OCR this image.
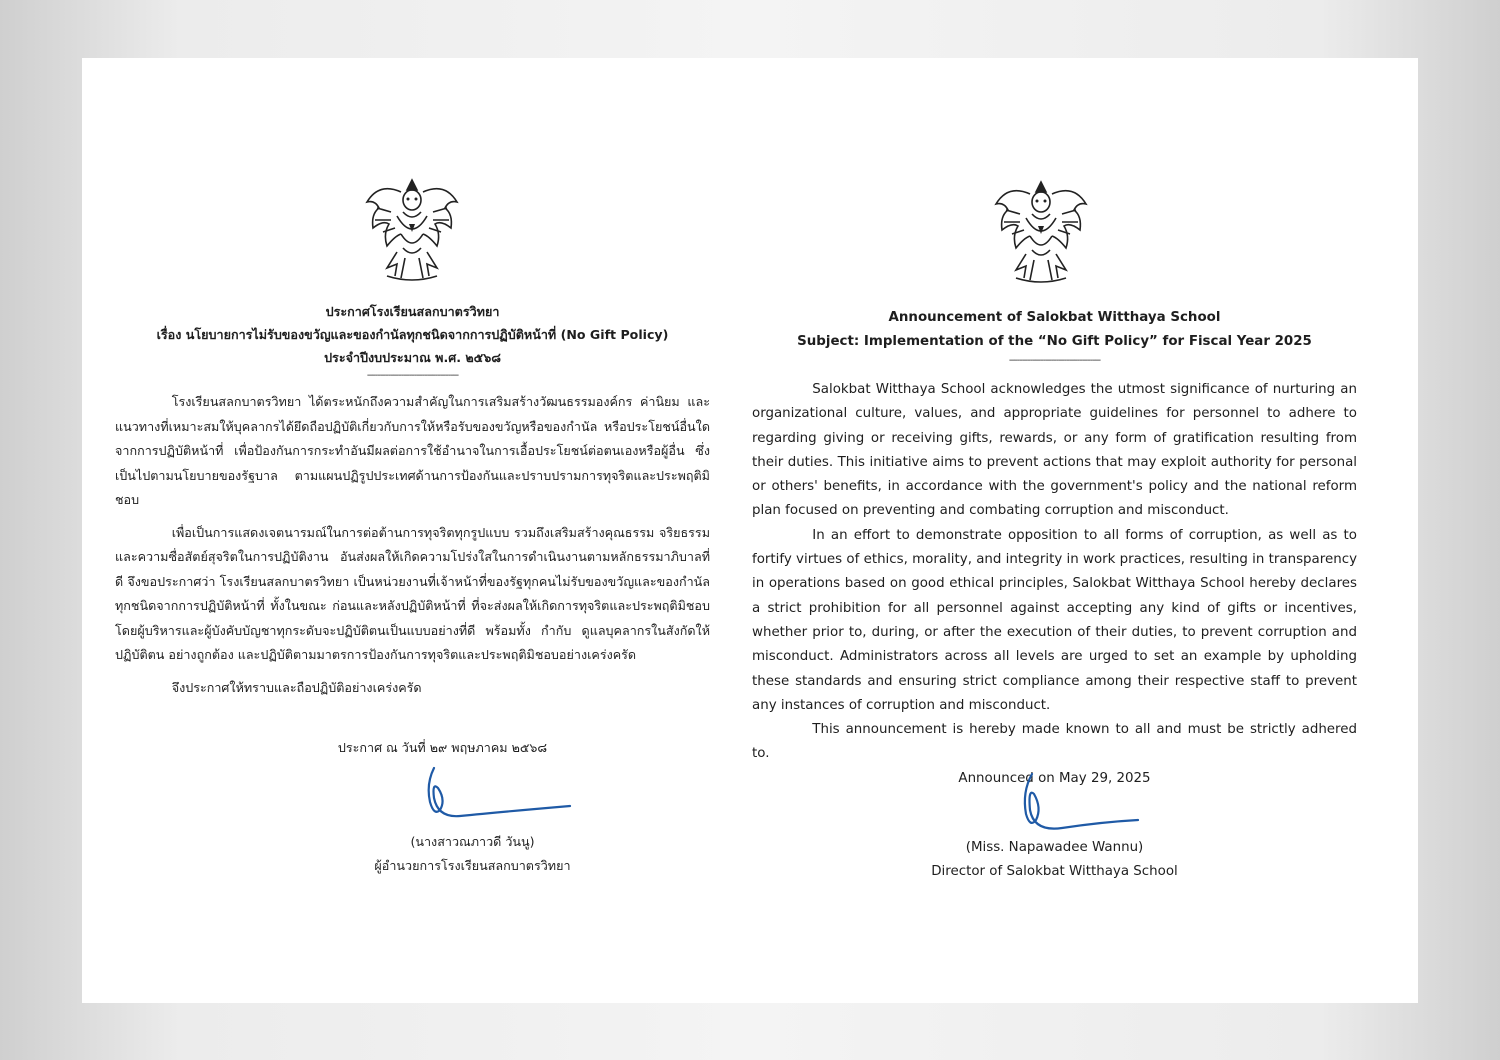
ประกาศโรงเรียนสลกบาตรวิทยา

เรื่อง นโยบายการไม่รับของขวัญและของกำนัลทุกชนิดจากการปฏิบัติหน้าที่ (No Gift Policy)

ประจำปีงบประมาณ พ.ศ. ๒๕๖๘

-----------------------------------

โรงเรียนสลกบาตรวิทยา ได้ตระหนักถึงความสำคัญในการเสริมสร้างวัฒนธรรมองค์กร ค่านิยม และแนวทางที่เหมาะสมให้บุคลากรได้ยึดถือปฏิบัติเกี่ยวกับการให้หรือรับของขวัญหรือของกำนัล หรือประโยชน์อื่นใดจากการปฏิบัติหน้าที่ เพื่อป้องกันการกระทำอันมีผลต่อการใช้อำนาจในการเอื้อประโยชน์ต่อตนเองหรือผู้อื่น ซึ่งเป็นไปตามนโยบายของรัฐบาล ตามแผนปฏิรูปประเทศด้านการป้องกันและปราบปรามการทุจริตและประพฤติมิชอบ

เพื่อเป็นการแสดงเจตนารมณ์ในการต่อต้านการทุจริตทุกรูปแบบ รวมถึงเสริมสร้างคุณธรรม จริยธรรม และความซื่อสัตย์สุจริตในการปฏิบัติงาน อันส่งผลให้เกิดความโปร่งใสในการดำเนินงานตามหลักธรรมาภิบาลที่ดี จึงขอประกาศว่า โรงเรียนสลกบาตรวิทยา เป็นหน่วยงานที่เจ้าหน้าที่ของรัฐทุกคนไม่รับของขวัญและของกำนัลทุกชนิดจากการปฏิบัติหน้าที่ ทั้งในขณะ ก่อนและหลังปฏิบัติหน้าที่ ที่จะส่งผลให้เกิดการทุจริตและประพฤติมิชอบ โดยผู้บริหารและผู้บังคับบัญชาทุกระดับจะปฏิบัติตนเป็นแบบอย่างที่ดี พร้อมทั้ง กำกับ ดูแลบุคลากรในสังกัดให้ปฏิบัติตน อย่างถูกต้อง และปฏิบัติตามมาตรการป้องกันการทุจริตและประพฤติมิชอบอย่างเคร่งครัด

จึงประกาศให้ทราบและถือปฏิบัติอย่างเคร่งครัด

ประกาศ ณ วันที่ ๒๙ พฤษภาคม ๒๕๖๘
(นางสาวณภาวดี วันนู)
ผู้อำนวยการโรงเรียนสลกบาตรวิทยา

Announcement of Salokbat Witthaya School

Subject: Implementation of the “No Gift Policy” for Fiscal Year 2025

-----------------------------------

Salokbat Witthaya School acknowledges the utmost significance of nurturing an organizational culture, values, and appropriate guidelines for personnel to adhere to regarding giving or receiving gifts, rewards, or any form of gratification resulting from their duties. This initiative aims to prevent actions that may exploit authority for personal or others' benefits, in accordance with the government's policy and the national reform plan focused on preventing and combating corruption and misconduct.

In an effort to demonstrate opposition to all forms of corruption, as well as to fortify virtues of ethics, morality, and integrity in work practices, resulting in transparency in operations based on good ethical principles, Salokbat Witthaya School hereby declares a strict prohibition for all personnel against accepting any kind of gifts or incentives, whether prior to, during, or after the execution of their duties, to prevent corruption and misconduct. Administrators across all levels are urged to set an example by upholding these standards and ensuring strict compliance among their respective staff to prevent any instances of corruption and misconduct.

This announcement is hereby made known to all and must be strictly adhered to.

Announced on May 29, 2025
(Miss. Napawadee Wannu)
Director of Salokbat Witthaya School
